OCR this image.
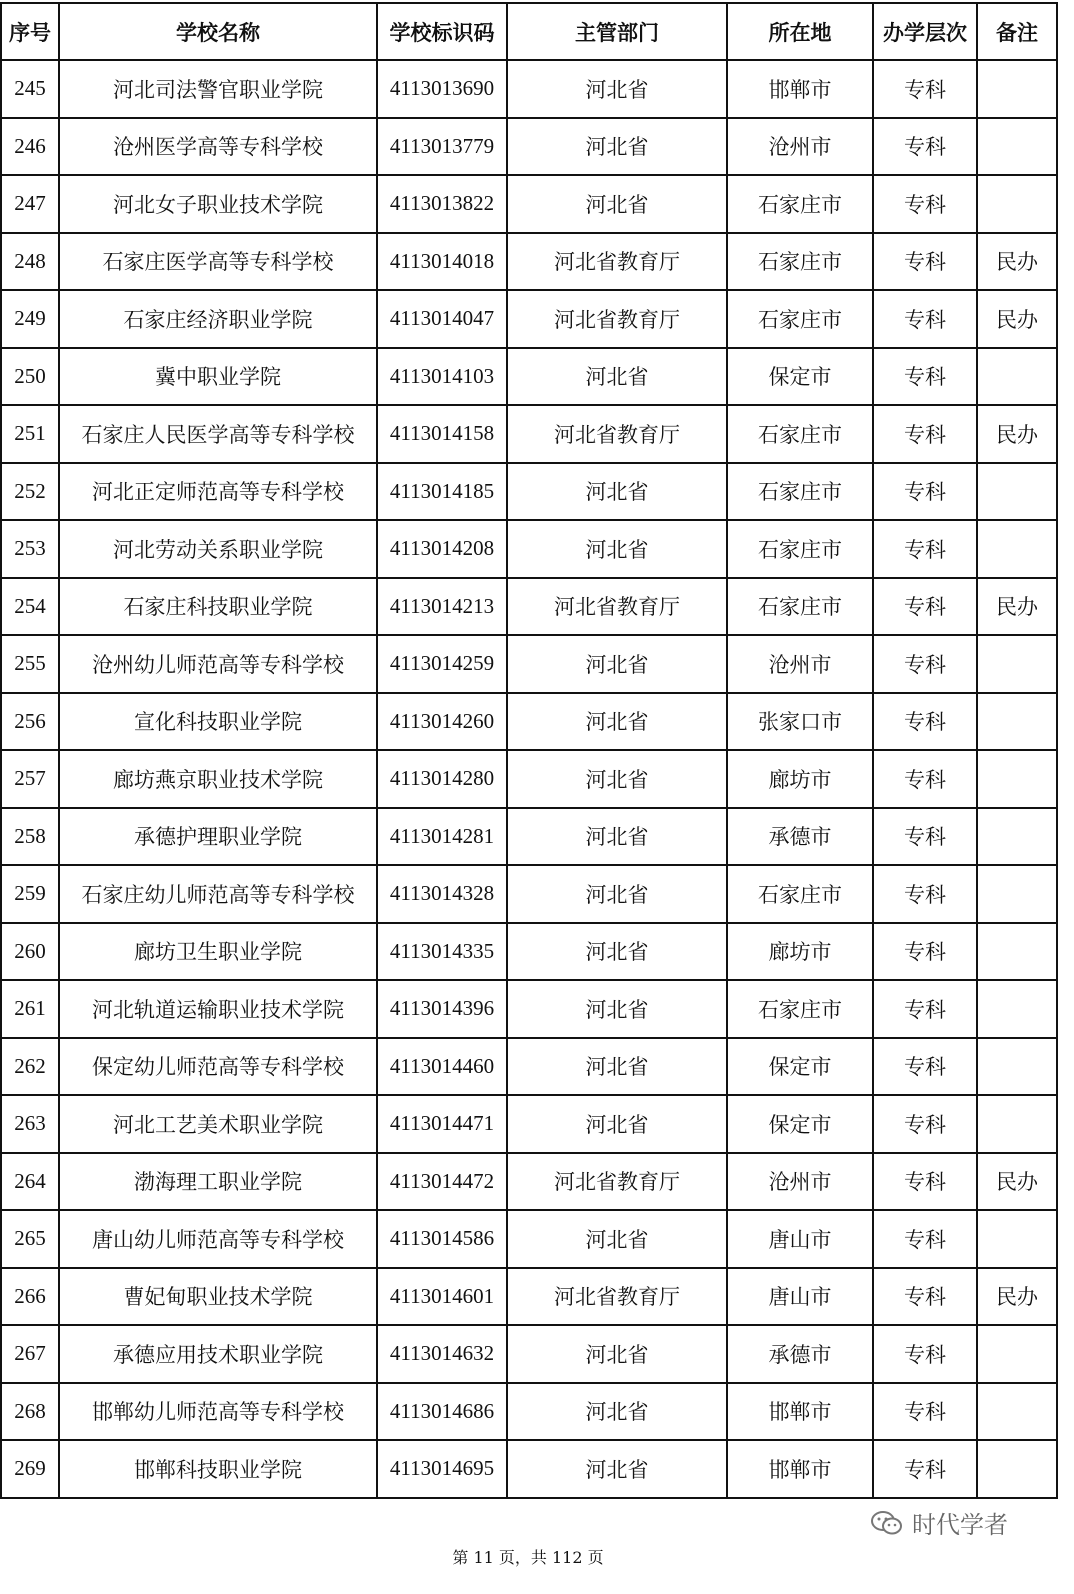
序号	学校名称	学校标识码	主管部门	所在地	办学层次	备注
245	河北司法警官职业学院	4113013690	河北省	邯郸市	专科	
246	沧州医学高等专科学校	4113013779	河北省	沧州市	专科	
247	河北女子职业技术学院	4113013822	河北省	石家庄市	专科	
248	石家庄医学高等专科学校	4113014018	河北省教育厅	石家庄市	专科	民办
249	石家庄经济职业学院	4113014047	河北省教育厅	石家庄市	专科	民办
250	冀中职业学院	4113014103	河北省	保定市	专科	
251	石家庄人民医学高等专科学校	4113014158	河北省教育厅	石家庄市	专科	民办
252	河北正定师范高等专科学校	4113014185	河北省	石家庄市	专科	
253	河北劳动关系职业学院	4113014208	河北省	石家庄市	专科	
254	石家庄科技职业学院	4113014213	河北省教育厅	石家庄市	专科	民办
255	沧州幼儿师范高等专科学校	4113014259	河北省	沧州市	专科	
256	宣化科技职业学院	4113014260	河北省	张家口市	专科	
257	廊坊燕京职业技术学院	4113014280	河北省	廊坊市	专科	
258	承德护理职业学院	4113014281	河北省	承德市	专科	
259	石家庄幼儿师范高等专科学校	4113014328	河北省	石家庄市	专科	
260	廊坊卫生职业学院	4113014335	河北省	廊坊市	专科	
261	河北轨道运输职业技术学院	4113014396	河北省	石家庄市	专科	
262	保定幼儿师范高等专科学校	4113014460	河北省	保定市	专科	
263	河北工艺美术职业学院	4113014471	河北省	保定市	专科	
264	渤海理工职业学院	4113014472	河北省教育厅	沧州市	专科	民办
265	唐山幼儿师范高等专科学校	4113014586	河北省	唐山市	专科	
266	曹妃甸职业技术学院	4113014601	河北省教育厅	唐山市	专科	民办
267	承德应用技术职业学院	4113014632	河北省	承德市	专科	
268	邯郸幼儿师范高等专科学校	4113014686	河北省	邯郸市	专科	
269	邯郸科技职业学院	4113014695	河北省	邯郸市	专科	
时代学者
第 11 页，共 112 页
